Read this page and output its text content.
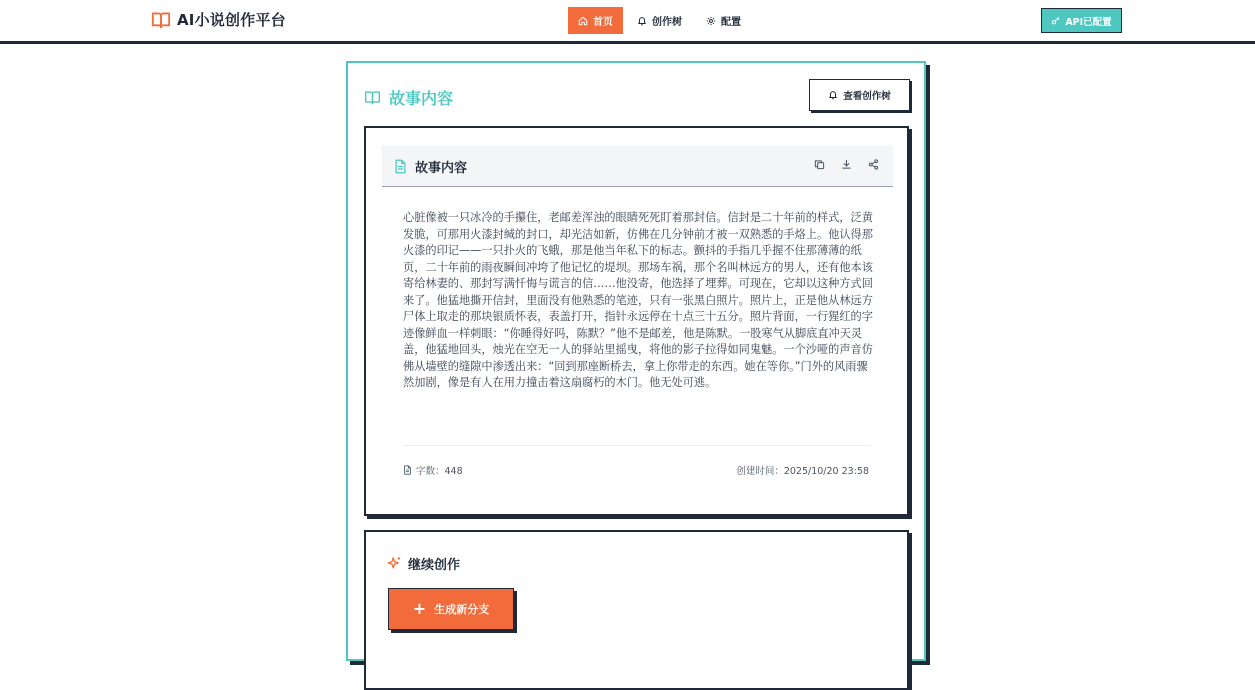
AI小说创作平台	首页	创作树	配置	API已配置
故事内容	查看创作树
故事内容
心脏像被一只冰冷的手攥住，老邮差浑浊的眼睛死死盯着那封信。信封是二十年前的样式，泛黄发脆，可那用火漆封缄的封口，却光洁如新，仿佛在几分钟前才被一双熟悉的手烙上。他认得那火漆的印记——一只扑火的飞蛾，那是他当年私下的标志。颤抖的手指几乎握不住那薄薄的纸页，二十年前的雨夜瞬间冲垮了他记忆的堤坝。那场车祸，那个名叫林远方的男人，还有他本该寄给林妻的、那封写满忏悔与谎言的信……他没寄，他选择了埋葬。可现在，它却以这种方式回来了。他猛地撕开信封，里面没有他熟悉的笔迹，只有一张黑白照片。照片上，正是他从林远方尸体上取走的那块银质怀表，表盖打开，指针永远停在十点三十五分。照片背面，一行猩红的字迹像鲜血一样刺眼：“你睡得好吗，陈默？”他不是邮差，他是陈默。一股寒气从脚底直冲天灵盖，他猛地回头，烛光在空无一人的驿站里摇曳，将他的影子拉得如同鬼魅。一个沙哑的声音仿佛从墙壁的缝隙中渗透出来：“回到那座断桥去，拿上你带走的东西。她在等你。”门外的风雨骤然加剧，像是有人在用力撞击着这扇腐朽的木门。他无处可逃。
字数：448	创建时间：2025/10/20 23:58
继续创作
+ 生成新分支
